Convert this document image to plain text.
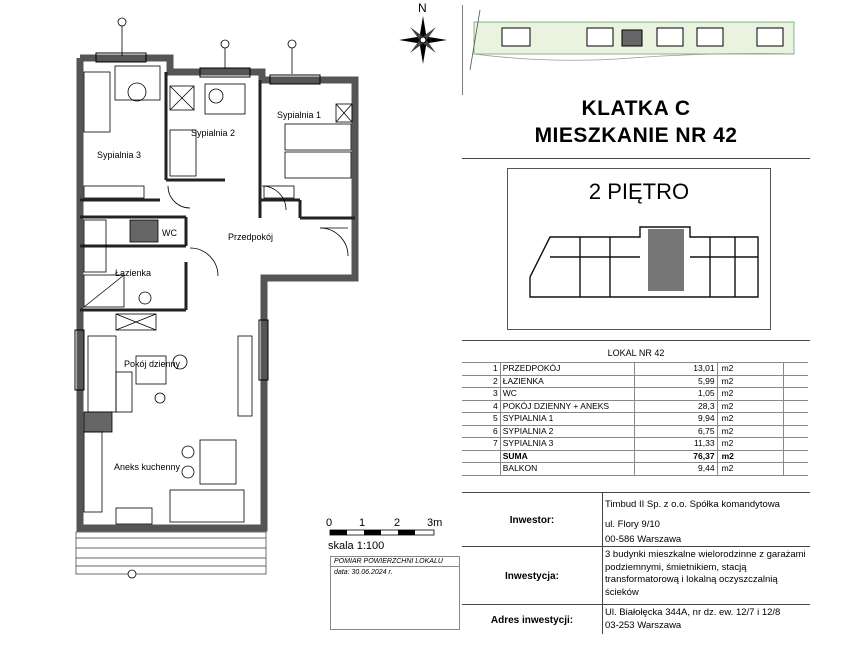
Sypialnia 3
Sypialnia 2
Sypialnia 1
WC	Przedpokój
Łazienka
Pokój dzienny
Aneks kuchenny
N
KLATKA C
MIESZKANIE NR 42
2 PIĘTRO
LOKAL NR 42
1	PRZEDPOKÓJ	13,01	m2	
2	ŁAZIENKA	5,99	m2	
3	WC	1,05	m2	
4	POKÓJ DZIENNY + ANEKS	28,3	m2	
5	SYPIALNIA 1	9,94	m2	
6	SYPIALNIA 2	6,75	m2	
7	SYPIALNIA 3	11,33	m2	
	SUMA	76,37	m2	
	BALKON	9,44	m2	
Inwestor:
Timbud II Sp. z o.o. Spółka komandytowa
ul. Flory 9/10
00-586 Warszawa
Inwestycja:
3 budynki mieszkalne wielorodzinne z garażami podziemnymi, śmietnikiem, stacją transformatorową i lokalną oczyszczalnią ścieków
Adres inwestycji:
Ul. Białołęcka 344A, nr dz. ew. 12/7 i 12/8
03-253 Warszawa
0 1	2 3m
skala 1:100
POMIAR POWIERZCHNI LOKALU
data: 30.06.2024 r.
